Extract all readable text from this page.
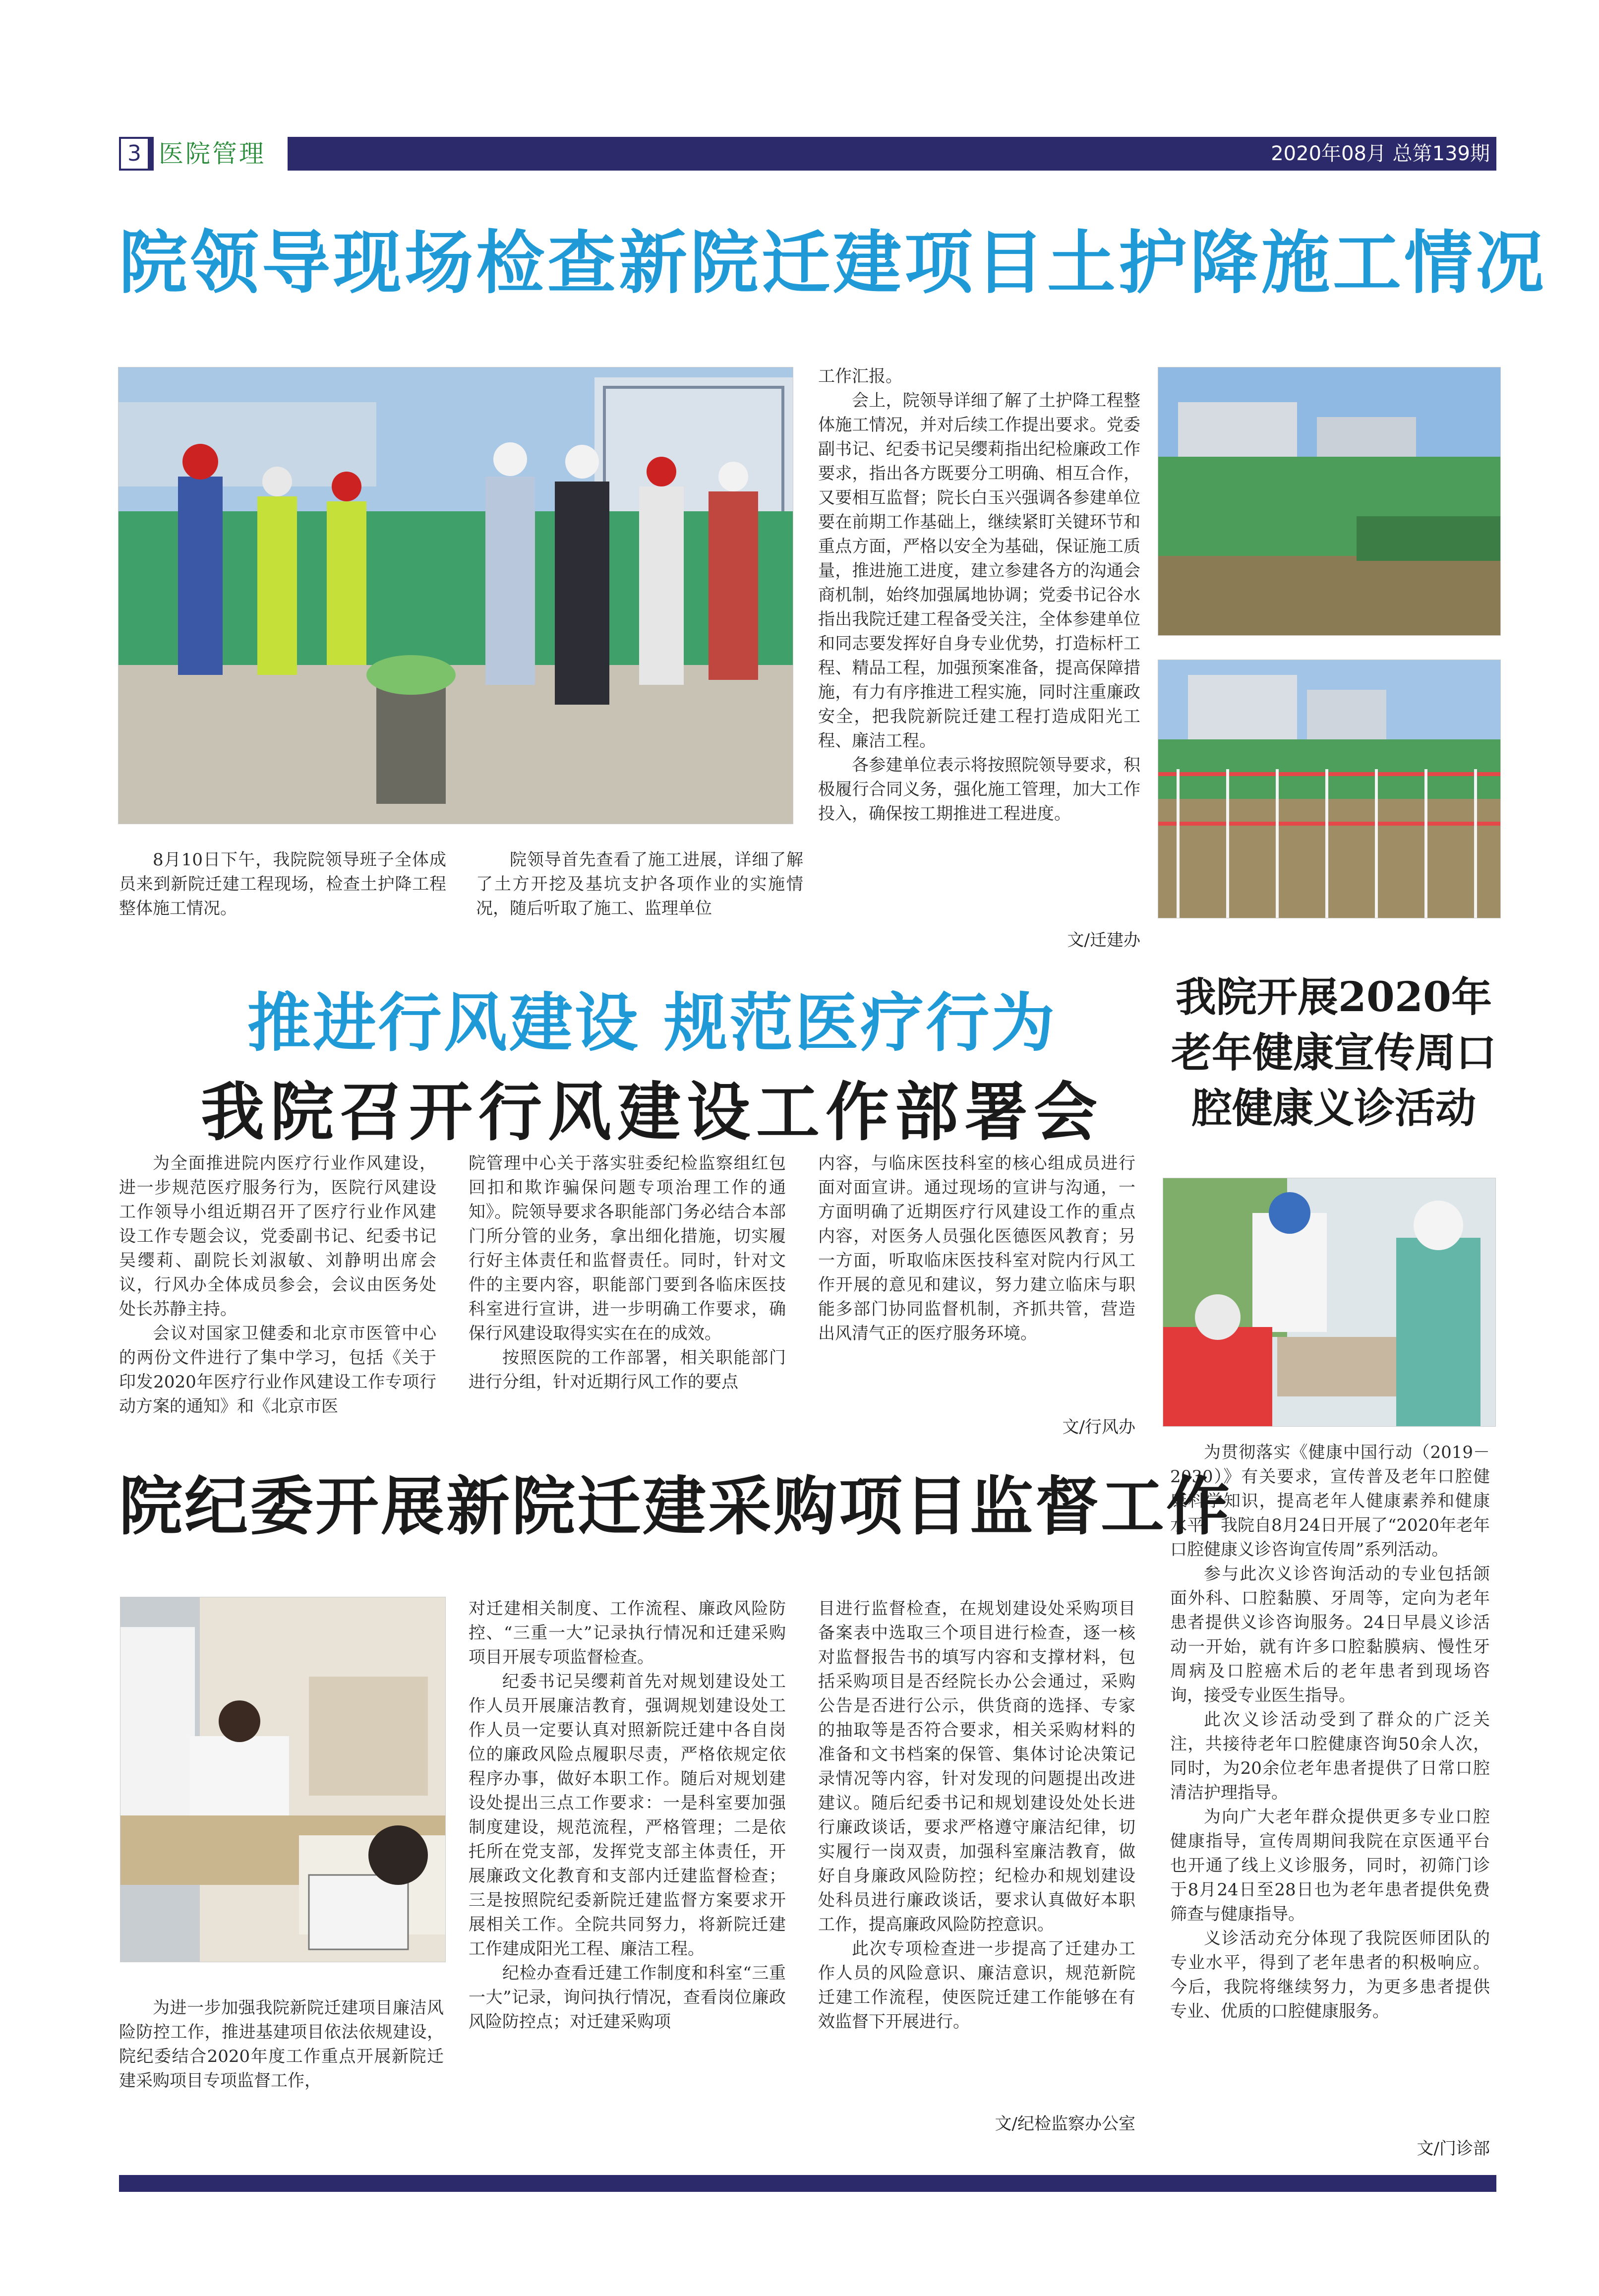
3 医院管理	2020年08月 总第139期
院领导现场检查新院迁建项目土护降施工情况

8月10日下午，我院院领导班子全体成员来到新院迁建工程现场，检查土护降工程整体施工情况。

院领导首先查看了施工进展，详细了解了土方开挖及基坑支护各项作业的实施情况，随后听取了施工、监理单位

工作汇报。

会上，院领导详细了解了土护降工程整体施工情况，并对后续工作提出要求。党委副书记、纪委书记吴缨莉指出纪检廉政工作要求，指出各方既要分工明确、相互合作，又要相互监督；院长白玉兴强调各参建单位要在前期工作基础上，继续紧盯关键环节和重点方面，严格以安全为基础，保证施工质量，推进施工进度，建立参建各方的沟通会商机制，始终加强属地协调；党委书记谷水指出我院迁建工程备受关注，全体参建单位和同志要发挥好自身专业优势，打造标杆工程、精品工程，加强预案准备，提高保障措施，有力有序推进工程实施，同时注重廉政安全，把我院新院迁建工程打造成阳光工程、廉洁工程。

各参建单位表示将按照院领导要求，积极履行合同义务，强化施工管理，加大工作投入，确保按工期推进工程进度。

文/迁建办
推进行风建设 规范医疗行为
我院召开行风建设工作部署会

为全面推进院内医疗行业作风建设，进一步规范医疗服务行为，医院行风建设工作领导小组近期召开了医疗行业作风建设工作专题会议，党委副书记、纪委书记吴缨莉、副院长刘淑敏、刘静明出席会议，行风办全体成员参会，会议由医务处处长苏静主持。

会议对国家卫健委和北京市医管中心的两份文件进行了集中学习，包括《关于印发2020年医疗行业作风建设工作专项行动方案的通知》和《北京市医

院管理中心关于落实驻委纪检监察组红包回扣和欺诈骗保问题专项治理工作的通知》。院领导要求各职能部门务必结合本部门所分管的业务，拿出细化措施，切实履行好主体责任和监督责任。同时，针对文件的主要内容，职能部门要到各临床医技科室进行宣讲，进一步明确工作要求，确保行风建设取得实实在在的成效。

按照医院的工作部署，相关职能部门进行分组，针对近期行风工作的要点

内容，与临床医技科室的核心组成员进行面对面宣讲。通过现场的宣讲与沟通，一方面明确了近期医疗行风建设工作的重点内容，对医务人员强化医德医风教育；另一方面，听取临床医技科室对院内行风工作开展的意见和建议，努力建立临床与职能多部门协同监督机制，齐抓共管，营造出风清气正的医疗服务环境。

文/行风办
我院开展2020年老年健康宣传周口腔健康义诊活动

为贯彻落实《健康中国行动（2019－2030）》有关要求，宣传普及老年口腔健康科学知识，提高老年人健康素养和健康水平，我院自8月24日开展了“2020年老年口腔健康义诊咨询宣传周”系列活动。

参与此次义诊咨询活动的专业包括颌面外科、口腔黏膜、牙周等，定向为老年患者提供义诊咨询服务。24日早晨义诊活动一开始，就有许多口腔黏膜病、慢性牙周病及口腔癌术后的老年患者到现场咨询，接受专业医生指导。

此次义诊活动受到了群众的广泛关注，共接待老年口腔健康咨询50余人次，同时，为20余位老年患者提供了日常口腔清洁护理指导。

为向广大老年群众提供更多专业口腔健康指导，宣传周期间我院在京医通平台也开通了线上义诊服务，同时，初筛门诊于8月24日至28日也为老年患者提供免费筛查与健康指导。

义诊活动充分体现了我院医师团队的专业水平，得到了老年患者的积极响应。今后，我院将继续努力，为更多患者提供专业、优质的口腔健康服务。

文/门诊部
院纪委开展新院迁建采购项目监督工作

为进一步加强我院新院迁建项目廉洁风险防控工作，推进基建项目依法依规建设，院纪委结合2020年度工作重点开展新院迁建采购项目专项监督工作，

对迁建相关制度、工作流程、廉政风险防控、“三重一大”记录执行情况和迁建采购项目开展专项监督检查。

纪委书记吴缨莉首先对规划建设处工作人员开展廉洁教育，强调规划建设处工作人员一定要认真对照新院迁建中各自岗位的廉政风险点履职尽责，严格依规定依程序办事，做好本职工作。随后对规划建设处提出三点工作要求：一是科室要加强制度建设，规范流程，严格管理；二是依托所在党支部，发挥党支部主体责任，开展廉政文化教育和支部内迁建监督检查；三是按照院纪委新院迁建监督方案要求开展相关工作。全院共同努力，将新院迁建工作建成阳光工程、廉洁工程。

纪检办查看迁建工作制度和科室“三重一大”记录，询问执行情况，查看岗位廉政风险防控点；对迁建采购项

目进行监督检查，在规划建设处采购项目备案表中选取三个项目进行检查，逐一核对监督报告书的填写内容和支撑材料，包括采购项目是否经院长办公会通过，采购公告是否进行公示，供货商的选择、专家的抽取等是否符合要求，相关采购材料的准备和文书档案的保管、集体讨论决策记录情况等内容，针对发现的问题提出改进建议。随后纪委书记和规划建设处处长进行廉政谈话，要求严格遵守廉洁纪律，切实履行一岗双责，加强科室廉洁教育，做好自身廉政风险防控；纪检办和规划建设处科员进行廉政谈话，要求认真做好本职工作，提高廉政风险防控意识。

此次专项检查进一步提高了迁建办工作人员的风险意识、廉洁意识，规范新院迁建工作流程，使医院迁建工作能够在有效监督下开展进行。

文/纪检监察办公室
